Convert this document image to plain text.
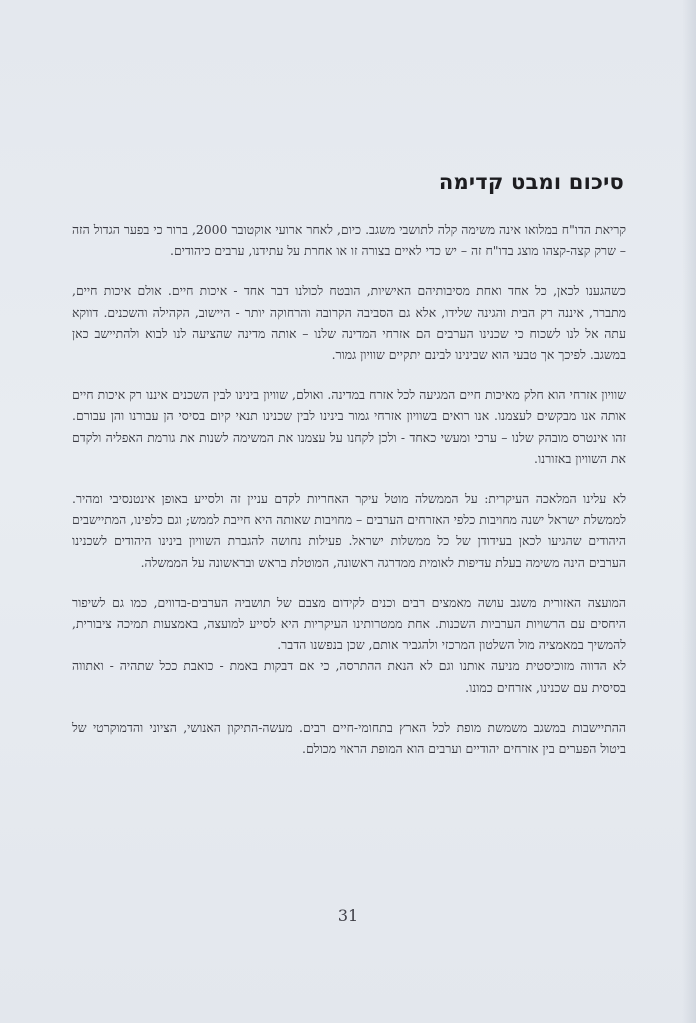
סיכום ומבט קדימה

קריאת הדו"ח במלואו אינה משימה קלה לתושבי משגב. כיום, לאחר ארועי אוקטובר 2000, ברור כי בפער הגדול הזה – שרק קצה-קצהו מוצג בדו"ח זה – יש כדי לאיים בצורה זו או אחרת על עתידנו, ערבים כיהודים.

כשהגענו לכאן, כל אחד ואחת מסיבותיהם האישיות, הובטח לכולנו דבר אחד - איכות חיים. אולם איכות חיים, מתברר, איננה רק הבית והגינה שלידו, אלא גם הסביבה הקרובה והרחוקה יותר - היישוב, הקהילה והשכנים. דווקא עתה אל לנו לשכוח כי שכנינו הערבים הם אזרחי המדינה שלנו – אותה מדינה שהציעה לנו לבוא ולהתיישב כאן במשגב. לפיכך אך טבעי הוא שבינינו לבינם יתקיים שוויון גמור.

שוויון אזרחי הוא חלק מאיכות חיים המגיעה לכל אזרח במדינה. ואולם, שוויון בינינו לבין השכנים איננו רק איכות חיים אותה אנו מבקשים לעצמנו. אנו רואים בשוויון אזרחי גמור בינינו לבין שכנינו תנאי קיום בסיסי הן עבורנו והן עבורם. זהו אינטרס מובהק שלנו – ערכי ומעשי כאחד - ולכן לקחנו על עצמנו את המשימה לשנות את גורמת האפליה ולקדם את השוויון באזורנו.

לא עלינו המלאכה העיקרית: על הממשלה מוטל עיקר האחריות לקדם עניין זה ולסייע באופן אינטנסיבי ומהיר. לממשלת ישראל ישנה מחויבות כלפי האזרחים הערבים – מחויבות שאותה היא חייבת לממש; וגם כלפינו, המתיישבים היהודים שהגיעו לכאן בעידודן של כל ממשלות ישראל. פעילות נחושה להגברת השוויון בינינו היהודים לשכנינו הערבים הינה משימה בעלת עדיפות לאומית ממדרגה ראשונה, המוטלת בראש ובראשונה על הממשלה.

המועצה האזורית משגב עושה מאמצים רבים וכנים לקידום מצבם של תושביה הערבים-בדווים, כמו גם לשיפור היחסים עם הרשויות הערביות השכנות. אחת ממטרותינו העיקריות היא לסייע למועצה, באמצעות תמיכה ציבורית, להמשיך במאמציה מול השלטון המרכזי ולהגביר אותם, שכן בנפשנו הדבר.

לא הדווה מזוכיסטית מניעה אותנו וגם לא הנאת ההתרסה, כי אם דבקות באמת - כואבת ככל שתהיה - ואתווה בסיסית עם שכנינו, אזרחים כמונו.

ההתיישבות במשגב משמשת מופת לכל הארץ בתחומי-חיים רבים. מעשה-התיקון האנושי, הציוני והדמוקרטי של ביטול הפערים בין אזרחים יהודיים וערבים הוא המופת הראוי מכולם.

31
